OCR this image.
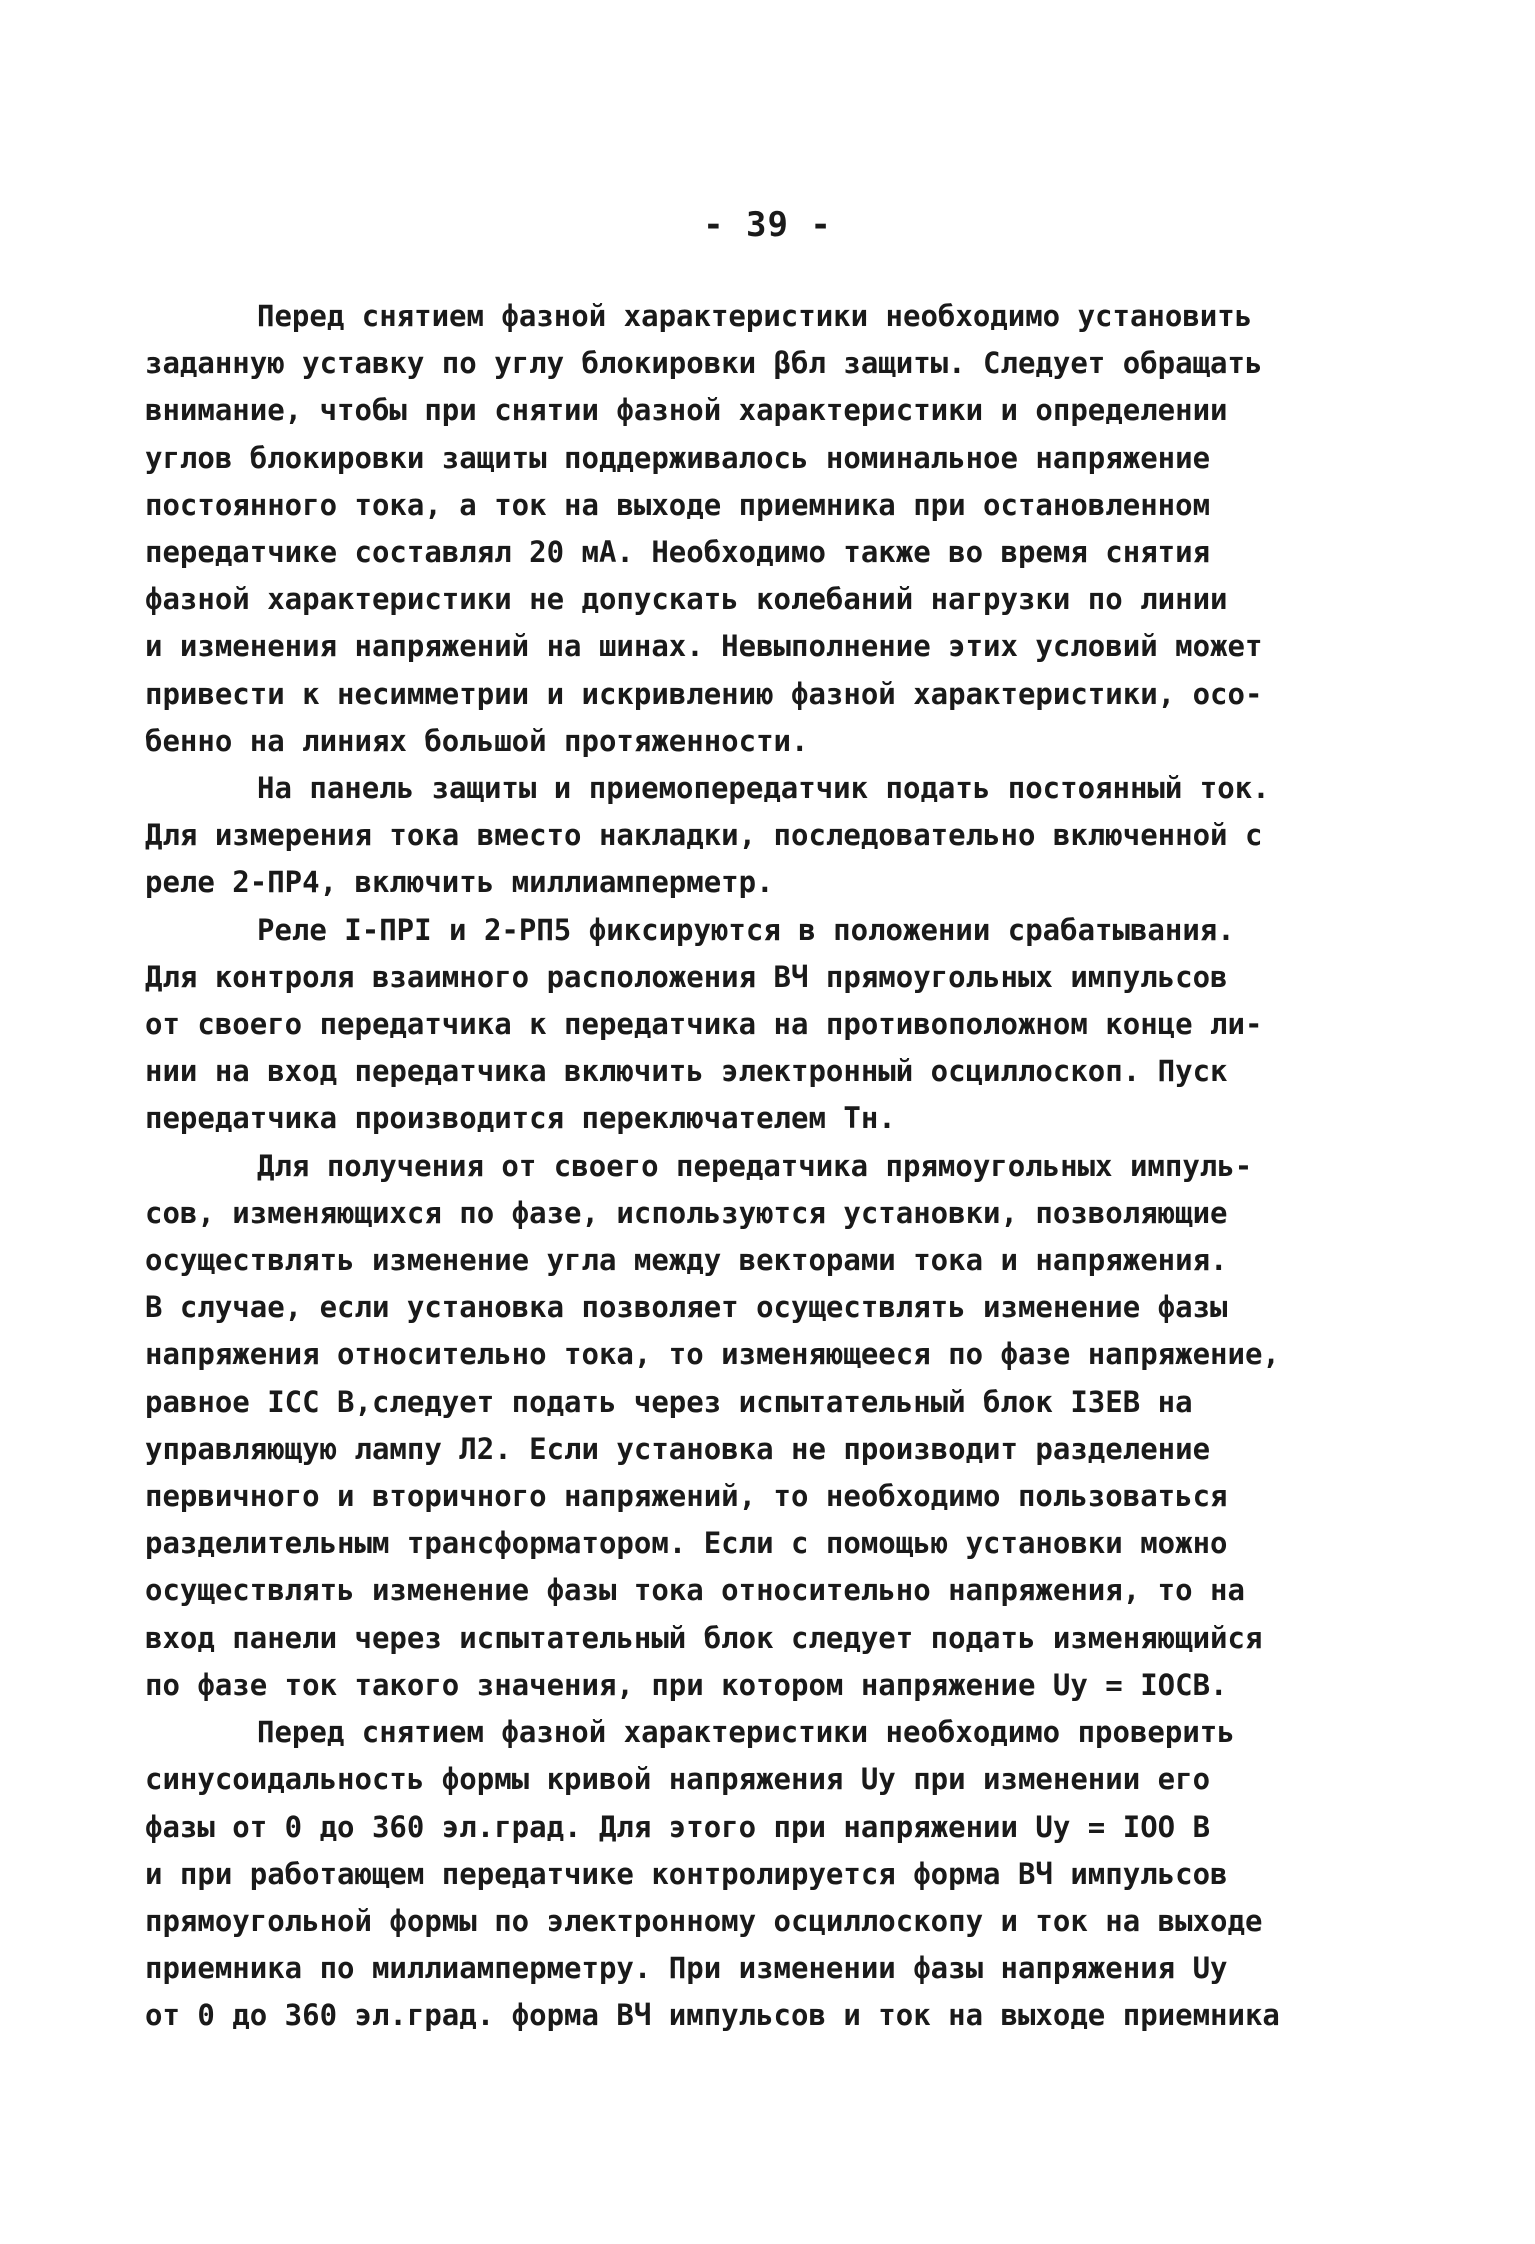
- 39 -
Перед снятием фазной характеристики необходимо установить
заданную уставку по углу блокировки βбл защиты. Следует обращать
внимание, чтобы при снятии фазной характеристики и определении
углов блокировки защиты поддерживалось номинальное напряжение
постоянного тока, а ток на выходе приемника при остановленном
передатчике составлял 20 мА. Необходимо также во время снятия
фазной характеристики не допускать колебаний нагрузки по линии
и изменения напряжений на шинах. Невыполнение этих условий может
привести к несимметрии и искривлению фазной характеристики, осо-
бенно на линиях большой протяженности.
На панель защиты и приемопередатчик подать постоянный ток.
Для измерения тока вместо накладки, последовательно включенной с
реле 2-ПР4, включить миллиамперметр.
Реле I-ПРI и 2-РП5 фиксируются в положении срабатывания.
Для контроля взаимного расположения ВЧ прямоугольных импульсов
от своего передатчика к передатчика на противоположном конце ли-
нии на вход передатчика включить электронный осциллоскоп. Пуск
передатчика производится переключателем Тн.
Для получения от своего передатчика прямоугольных импуль-
сов, изменяющихся по фазе, используются установки, позволяющие
осуществлять изменение угла между векторами тока и напряжения.
В случае, если установка позволяет осуществлять изменение фазы
напряжения относительно тока, то изменяющееся по фазе напряжение,
равное IСС В,следует подать через испытательный блок I3ЕВ на
управляющую лампу Л2. Если установка не производит разделение
первичного и вторичного напряжений, то необходимо пользоваться
разделительным трансформатором. Если с помощью установки можно
осуществлять изменение фазы тока относительно напряжения, то на
вход панели через испытательный блок следует подать изменяющийся
по фазе ток такого значения, при котором напряжение Uу = IОСВ.
Перед снятием фазной характеристики необходимо проверить
синусоидальность формы кривой напряжения Uу при изменении его
фазы от 0 до 360 эл.град. Для этого при напряжении Uу = IОО В
и при работающем передатчике контролируется форма ВЧ импульсов
прямоугольной формы по электронному осциллоскопу и ток на выходе
приемника по миллиамперметру. При изменении фазы напряжения Uу
от 0 до 360 эл.град. форма ВЧ импульсов и ток на выходе приемника
